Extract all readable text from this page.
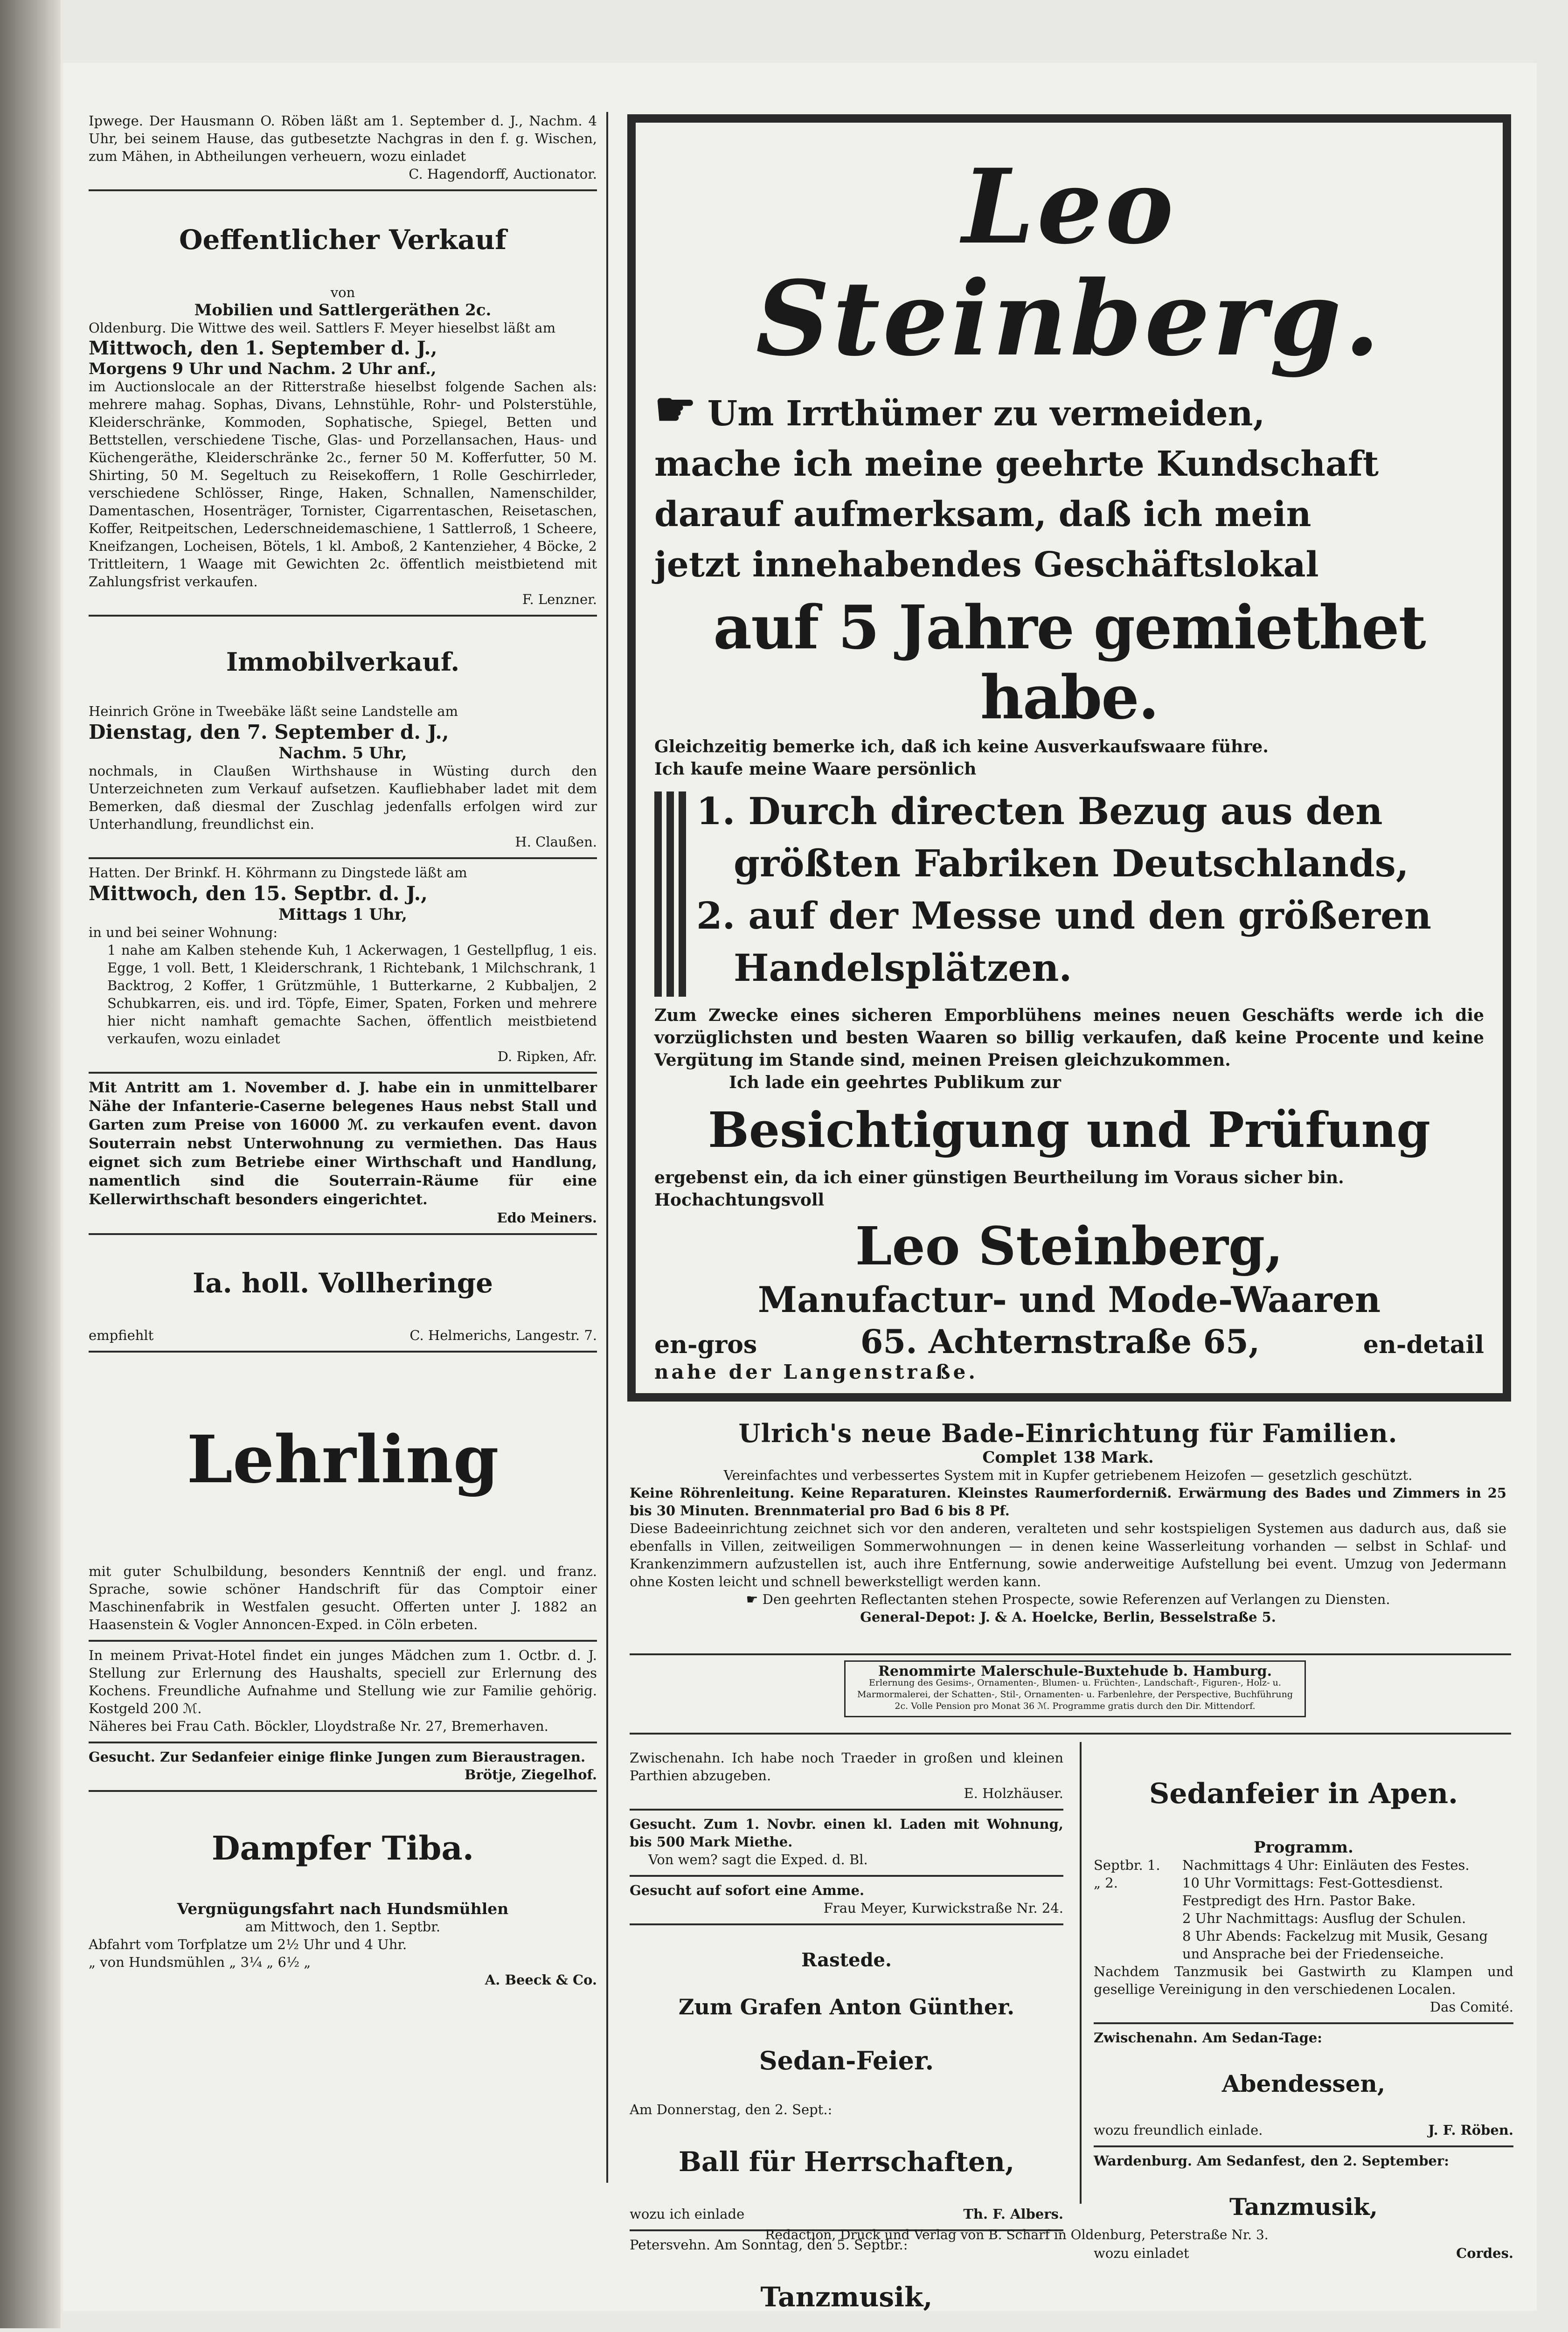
Ipwege. Der Hausmann O. Röben läßt am 1. September d. J., Nachm. 4 Uhr, bei seinem Hause, das gutbesetzte Nachgras in den f. g. Wischen, zum Mähen, in Abtheilungen verheuern, wozu einladet

C. Hagendorff, Auctionator.

Oeffentlicher Verkauf

von

Mobilien und Sattlergeräthen 2c.

Oldenburg. Die Wittwe des weil. Sattlers F. Meyer hieselbst läßt am

Mittwoch, den 1. September d. J.,

Morgens 9 Uhr und Nachm. 2 Uhr anf.,

im Auctionslocale an der Ritterstraße hieselbst folgende Sachen als: mehrere mahag. Sophas, Divans, Lehnstühle, Rohr- und Polsterstühle, Kleiderschränke, Kommoden, Sophatische, Spiegel, Betten und Bettstellen, verschiedene Tische, Glas- und Porzellansachen, Haus- und Küchengeräthe, Kleiderschränke 2c., ferner 50 M. Kofferfutter, 50 M. Shirting, 50 M. Segeltuch zu Reisekoffern, 1 Rolle Geschirrleder, verschiedene Schlösser, Ringe, Haken, Schnallen, Namenschilder, Damentaschen, Hosenträger, Tornister, Cigarrentaschen, Reisetaschen, Koffer, Reitpeitschen, Lederschneidemaschiene, 1 Sattlerroß, 1 Scheere, Kneifzangen, Locheisen, Bötels, 1 kl. Amboß, 2 Kantenzieher, 4 Böcke, 2 Trittleitern, 1 Waage mit Gewichten 2c. öffentlich meistbietend mit Zahlungsfrist verkaufen.

F. Lenzner.

Immobilverkauf.

Heinrich Gröne in Tweebäke läßt seine Landstelle am

Dienstag, den 7. September d. J.,

Nachm. 5 Uhr,

nochmals, in Claußen Wirthshause in Wüsting durch den Unterzeichneten zum Verkauf aufsetzen. Kaufliebhaber ladet mit dem Bemerken, daß diesmal der Zuschlag jedenfalls erfolgen wird zur Unterhandlung, freundlichst ein.

H. Claußen.

Hatten. Der Brinkf. H. Köhrmann zu Dingstede läßt am

Mittwoch, den 15. Septbr. d. J.,

Mittags 1 Uhr,

in und bei seiner Wohnung:

1 nahe am Kalben stehende Kuh, 1 Ackerwagen, 1 Gestellpflug, 1 eis. Egge, 1 voll. Bett, 1 Kleiderschrank, 1 Richtebank, 1 Milchschrank, 1 Backtrog, 2 Koffer, 1 Grützmühle, 1 Butterkarne, 2 Kubbaljen, 2 Schubkarren, eis. und ird. Töpfe, Eimer, Spaten, Forken und mehrere hier nicht namhaft gemachte Sachen, öffentlich meistbietend verkaufen, wozu einladet

D. Ripken, Afr.

Mit Antritt am 1. November d. J. habe ein in unmittelbarer Nähe der Infanterie-Caserne belegenes Haus nebst Stall und Garten zum Preise von 16000 ℳ. zu verkaufen event. davon Souterrain nebst Unterwohnung zu vermiethen. Das Haus eignet sich zum Betriebe einer Wirthschaft und Handlung, namentlich sind die Souterrain-Räume für eine Kellerwirthschaft besonders eingerichtet.

Edo Meiners.

Ia. holl. Vollheringe

empfiehlt	C. Helmerichs, Langestr. 7.

Lehrling

mit guter Schulbildung, besonders Kenntniß der engl. und franz. Sprache, sowie schöner Handschrift für das Comptoir einer Maschinenfabrik in Westfalen gesucht. Offerten unter J. 1882 an Haasenstein & Vogler Annoncen-Exped. in Cöln erbeten.

In meinem Privat-Hotel findet ein junges Mädchen zum 1. Octbr. d. J. Stellung zur Erlernung des Haushalts, speciell zur Erlernung des Kochens. Freundliche Aufnahme und Stellung wie zur Familie gehörig. Kostgeld 200 ℳ.

Näheres bei Frau Cath. Böckler, Lloydstraße Nr. 27, Bremerhaven.

Gesucht. Zur Sedanfeier einige flinke Jungen zum Bieraustragen.

Brötje, Ziegelhof.

Dampfer Tiba.

Vergnügungsfahrt nach Hundsmühlen

am Mittwoch, den 1. Septbr.

Abfahrt vom Torfplatze um 2½ Uhr und 4 Uhr.

„ von Hundsmühlen „ 3¼ „ 6½ „

A. Beeck & Co.

Leo Steinberg.

☛ Um Irrthümer zu vermeiden,

mache ich meine geehrte Kundschaft

darauf aufmerksam, daß ich mein

jetzt innehabendes Geschäftslokal

auf 5 Jahre gemiethet habe.

Gleichzeitig bemerke ich, daß ich keine Ausverkaufswaare führe.

Ich kaufe meine Waare persönlich

1. Durch directen Bezug aus den

größten Fabriken Deutschlands,

2. auf der Messe und den größeren

Handelsplätzen.

Zum Zwecke eines sicheren Emporblühens meines neuen Geschäfts werde ich die vorzüglichsten und besten Waaren so billig verkaufen, daß keine Procente und keine Vergütung im Stande sind, meinen Preisen gleichzukommen.

Ich lade ein geehrtes Publikum zur

Besichtigung und Prüfung

ergebenst ein, da ich einer günstigen Beurtheilung im Voraus sicher bin.

Hochachtungsvoll

Leo Steinberg,

Manufactur- und Mode-Waaren

en-gros	65. Achternstraße 65,	en-detail

nahe der Langenstraße.

Ulrich's neue Bade-Einrichtung für Familien.

Complet 138 Mark.

Vereinfachtes und verbessertes System mit in Kupfer getriebenem Heizofen — gesetzlich geschützt.

Keine Röhrenleitung. Keine Reparaturen. Kleinstes Raumerforderniß. Erwärmung des Bades und Zimmers in 25 bis 30 Minuten. Brennmaterial pro Bad 6 bis 8 Pf.

Diese Badeeinrichtung zeichnet sich vor den anderen, veralteten und sehr kostspieligen Systemen aus dadurch aus, daß sie ebenfalls in Villen, zeitweiligen Sommerwohnungen — in denen keine Wasserleitung vorhanden — selbst in Schlaf- und Krankenzimmern aufzustellen ist, auch ihre Entfernung, sowie anderweitige Aufstellung bei event. Umzug von Jedermann ohne Kosten leicht und schnell bewerkstelligt werden kann.

☛ Den geehrten Reflectanten stehen Prospecte, sowie Referenzen auf Verlangen zu Diensten.

General-Depot: J. & A. Hoelcke, Berlin, Besselstraße 5.

Renommirte Malerschule-Buxtehude b. Hamburg.
Erlernung des Gesims-, Ornamenten-, Blumen- u. Früchten-, Landschaft-, Figuren-, Holz- u. Marmormalerei, der Schatten-, Stil-, Ornamenten- u. Farbenlehre, der Perspective, Buchführung 2c. Volle Pension pro Monat 36 ℳ. Programme gratis durch den Dir. Mittendorf.

Zwischenahn. Ich habe noch Traeder in großen und kleinen Parthien abzugeben.

E. Holzhäuser.

Gesucht. Zum 1. Novbr. einen kl. Laden mit Wohnung, bis 500 Mark Miethe.

Von wem? sagt die Exped. d. Bl.

Gesucht auf sofort eine Amme.

Frau Meyer, Kurwickstraße Nr. 24.

Rastede.

Zum Grafen Anton Günther.

Sedan-Feier.

Am Donnerstag, den 2. Sept.:

Ball für Herrschaften,

wozu ich einlade	Th. F. Albers.

Petersvehn. Am Sonntag, den 5. Septbr.:

Tanzmusik,

Sedanfeier in Apen.

Programm.

Septbr. 1.	Nachmittags 4 Uhr: Einläuten des Festes.
„ 2.	10 Uhr Vormittags: Fest-Gottesdienst. Festpredigt des Hrn. Pastor Bake.
2 Uhr Nachmittags: Ausflug der Schulen.
8 Uhr Abends: Fackelzug mit Musik, Gesang und Ansprache bei der Friedenseiche.

Nachdem Tanzmusik bei Gastwirth zu Klampen und gesellige Vereinigung in den verschiedenen Localen.

Das Comité.

Zwischenahn. Am Sedan-Tage:

Abendessen,

wozu freundlich einlade.	J. F. Röben.

Wardenburg. Am Sedanfest, den 2. September:

Tanzmusik,

wozu einladet	Cordes.
Redaction, Druck und Verlag von B. Scharf in Oldenburg, Peterstraße Nr. 3.
